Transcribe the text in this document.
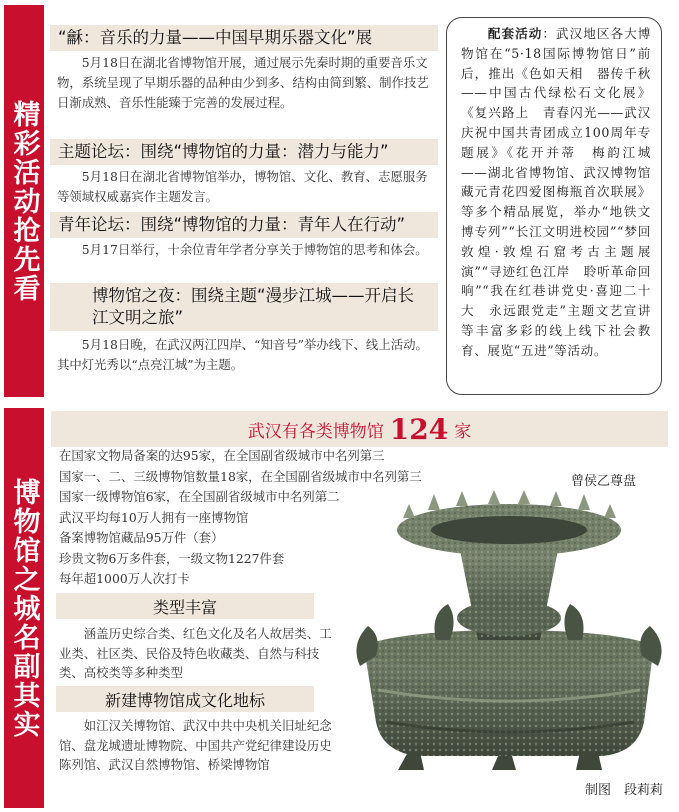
精彩活动抢先看
博物馆之城名副其实
“龢：音乐的力量——中国早期乐器文化”展
5月18日在湖北省博物馆开展，通过展示先秦时期的重要音乐文物，系统呈现了早期乐器的品种由少到多、结构由简到繁、制作技艺日渐成熟、音乐性能臻于完善的发展过程。
主题论坛：围绕“博物馆的力量：潜力与能力”
5月18日在湖北省博物馆举办，博物馆、文化、教育、志愿服务等领域权威嘉宾作主题发言。
青年论坛：围绕“博物馆的力量：青年人在行动”
5月17日举行，十余位青年学者分享关于博物馆的思考和体会。
博物馆之夜：围绕主题“漫步江城——开启长江文明之旅”
5月18日晚，在武汉两江四岸、“知音号”举办线下、线上活动。其中灯光秀以“点亮江城”为主题。
  配套活动：武汉地区各大博物馆在“5·18国际博物馆日”前后，推出《色如天相　器传千秋——中国古代绿松石文化展》《复兴路上　青春闪光——武汉庆祝中国共青团成立100周年专题展》《花开并蒂　梅韵江城——湖北省博物馆、武汉博物馆藏元青花四爱图梅瓶首次联展》等多个精品展览，举办“地铁文博专列”“长江文明进校园”“梦回敦煌·敦煌石窟考古主题展演”“寻迹红色江岸　聆听革命回响”“我在红巷讲党史·喜迎二十大　永远跟党走”主题文艺宣讲等丰富多彩的线上线下社会教育、展览“五进”等活动。
武汉有各类博物馆 124 家
在国家文物局备案的达95家，在全国副省级城市中名列第三
国家一、二、三级博物馆数量18家，在全国副省级城市中名列第三
国家一级博物馆6家，在全国副省级城市中名列第二
武汉平均每10万人拥有一座博物馆
备案博物馆藏品95万件（套）
珍贵文物6万多件套，一级文物1227件套
每年超1000万人次打卡
类型丰富
涵盖历史综合类、红色文化及名人故居类、工业类、社区类、民俗及特色收藏类、自然与科技类、高校类等多种类型
新建博物馆成文化地标
如江汉关博物馆、武汉中共中央机关旧址纪念馆、盘龙城遗址博物院、中国共产党纪律建设历史陈列馆、武汉自然博物馆、桥梁博物馆
曾侯乙尊盘
制图　段莉莉
